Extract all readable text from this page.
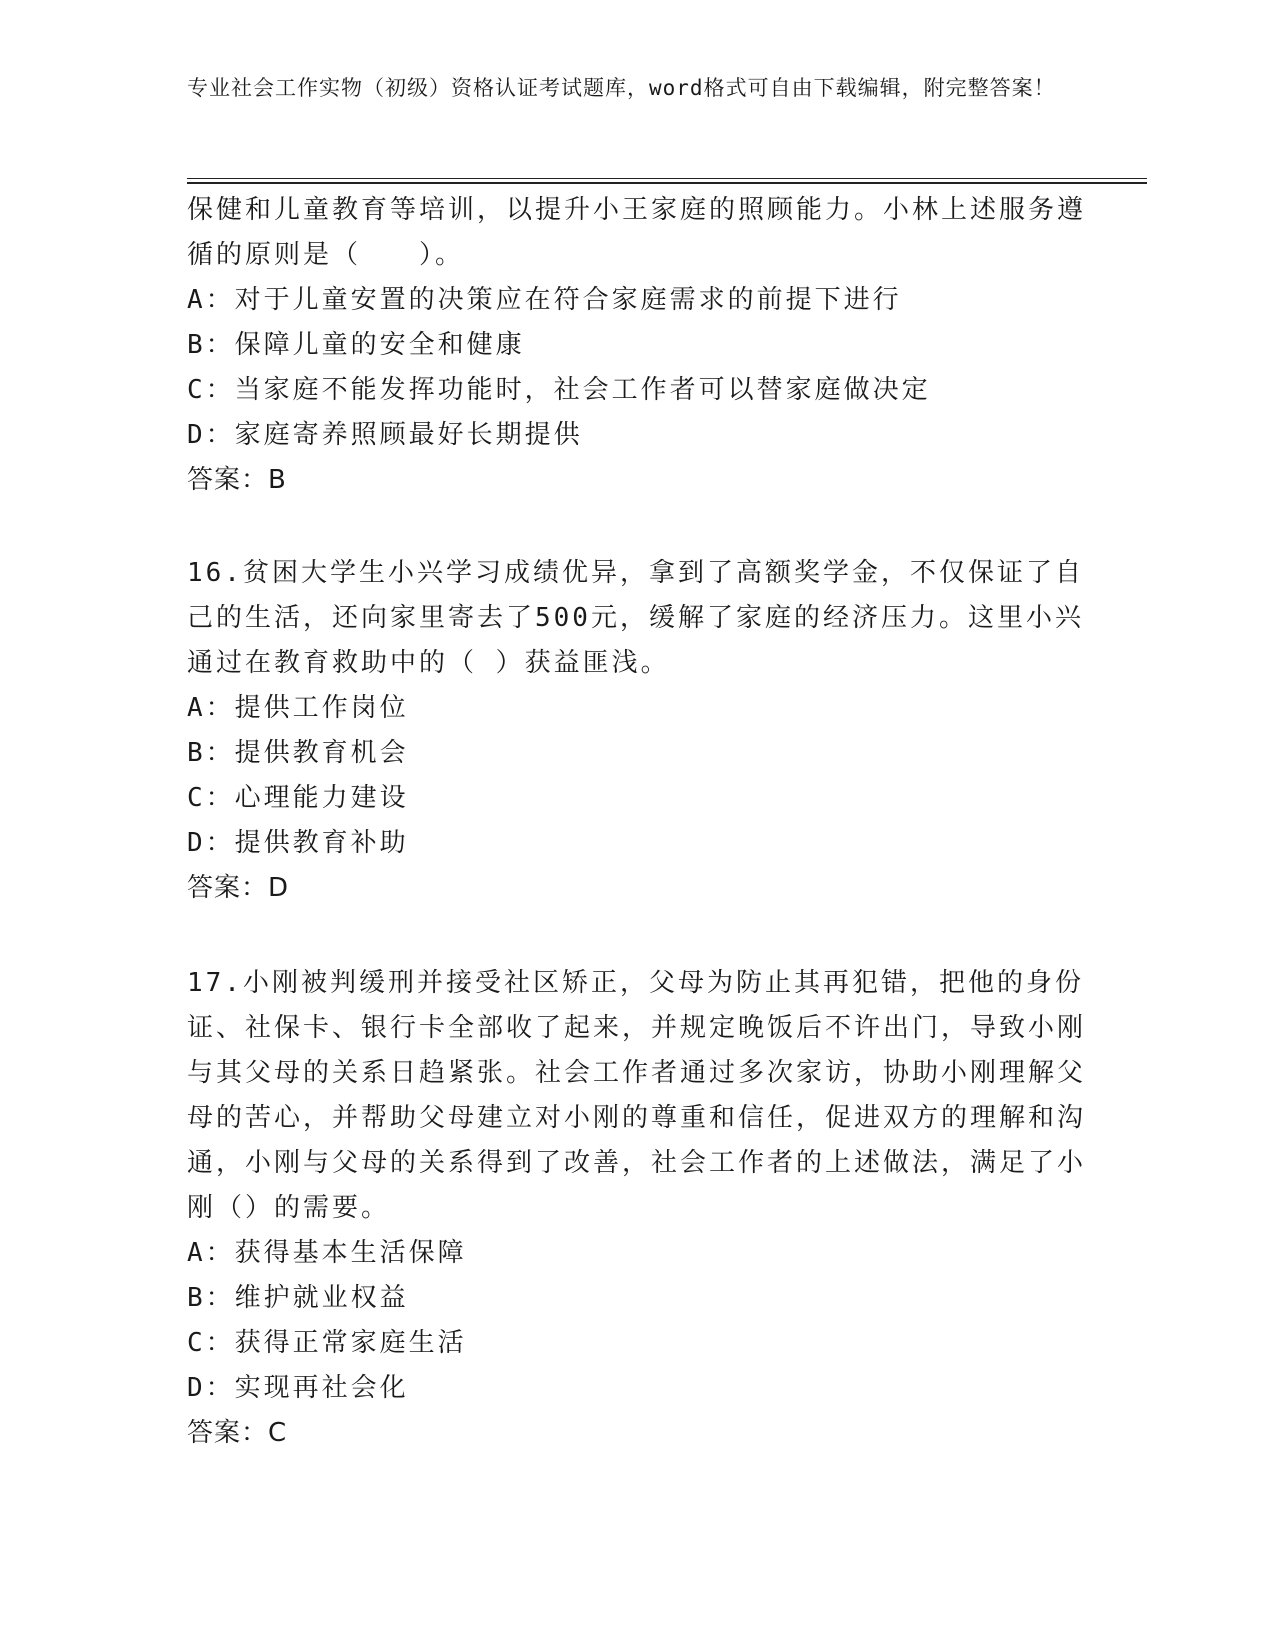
专业社会工作实物（初级）资格认证考试题库，word格式可自由下载编辑，附完整答案！

保健和儿童教育等培训，以提升小王家庭的照顾能力。小林上述服务遵循的原则是（　　）。

A：对于儿童安置的决策应在符合家庭需求的前提下进行

B：保障儿童的安全和健康

C：当家庭不能发挥功能时，社会工作者可以替家庭做决定

D：家庭寄养照顾最好长期提供

答案：B

16.贫困大学生小兴学习成绩优异，拿到了高额奖学金，不仅保证了自己的生活，还向家里寄去了500元，缓解了家庭的经济压力。这里小兴通过在教育救助中的（ ）获益匪浅。

A：提供工作岗位

B：提供教育机会

C：心理能力建设

D：提供教育补助

答案：D

17.小刚被判缓刑并接受社区矫正，父母为防止其再犯错，把他的身份证、社保卡、银行卡全部收了起来，并规定晚饭后不许出门，导致小刚与其父母的关系日趋紧张。社会工作者通过多次家访，协助小刚理解父母的苦心，并帮助父母建立对小刚的尊重和信任，促进双方的理解和沟通，小刚与父母的关系得到了改善，社会工作者的上述做法，满足了小刚（）的需要。

A：获得基本生活保障

B：维护就业权益

C：获得正常家庭生活

D：实现再社会化

答案：C
